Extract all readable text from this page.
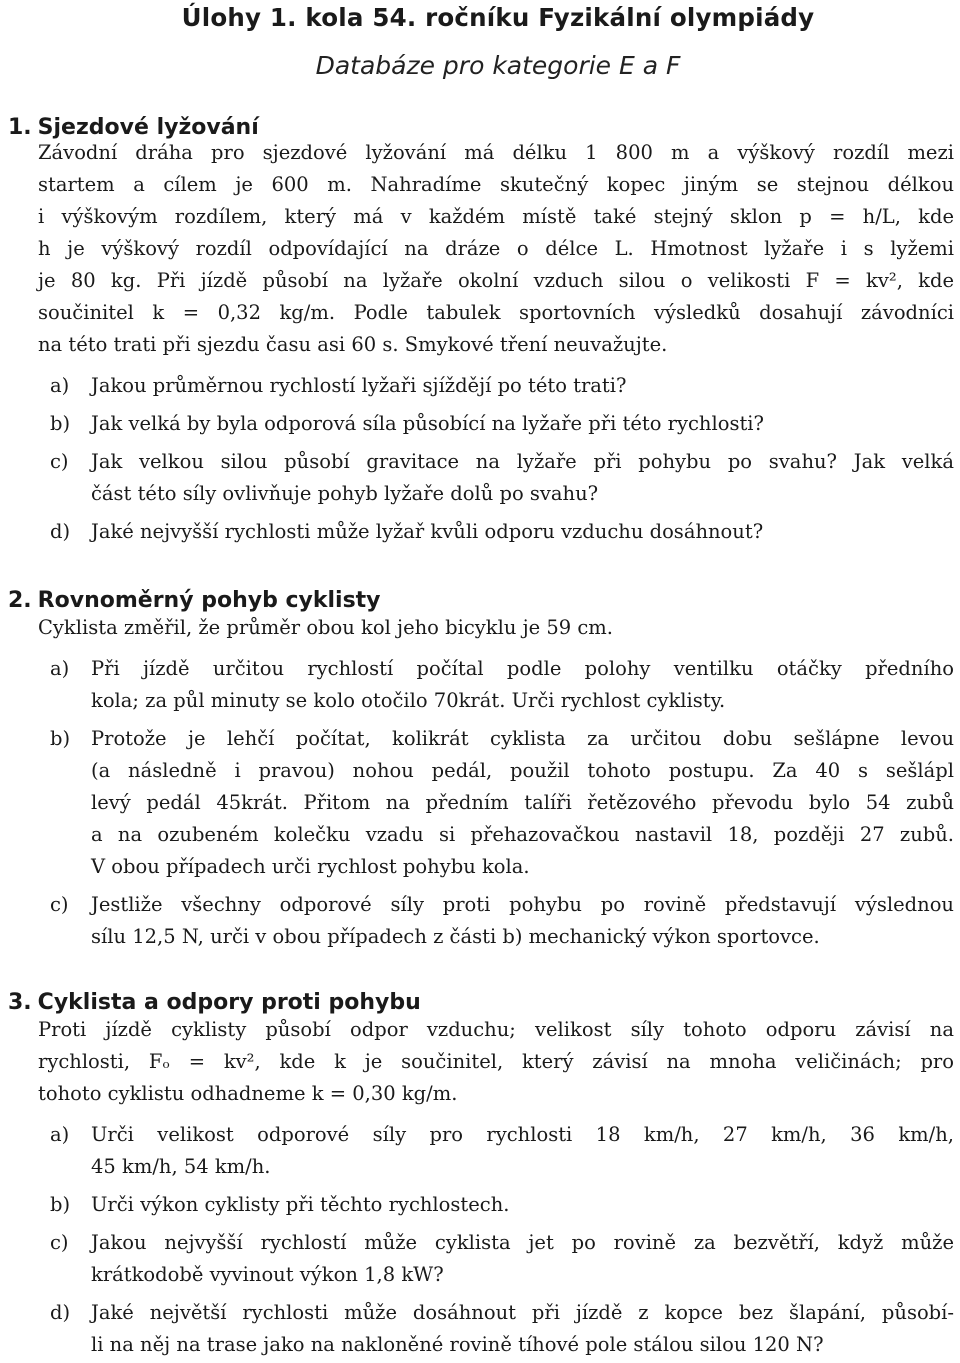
Úlohy 1. kola 54. ročníku Fyzikální olympiády
Databáze pro kategorie E a F
1. Sjezdové lyžování
Závodní dráha pro sjezdové lyžování má délku 1 800 m a výškový rozdíl mezi
startem a cílem je 600 m. Nahradíme skutečný kopec jiným se stejnou délkou
i výškovým rozdílem, který má v každém místě také stejný sklon p = h/L, kde
h je výškový rozdíl odpovídající na dráze o délce L. Hmotnost lyžaře i s lyžemi
je 80 kg. Při jízdě působí na lyžaře okolní vzduch silou o velikosti F = kv², kde
součinitel k = 0,32 kg/m. Podle tabulek sportovních výsledků dosahují závodníci
na této trati při sjezdu času asi 60 s. Smykové tření neuvažujte.
a) Jakou průměrnou rychlostí lyžaři sjíždějí po této trati?
b) Jak velká by byla odporová síla působící na lyžaře při této rychlosti?
c) Jak velkou silou působí gravitace na lyžaře při pohybu po svahu? Jak velká
část této síly ovlivňuje pohyb lyžaře dolů po svahu?
d) Jaké nejvyšší rychlosti může lyžař kvůli odporu vzduchu dosáhnout?
2. Rovnoměrný pohyb cyklisty
Cyklista změřil, že průměr obou kol jeho bicyklu je 59 cm.
a) Při jízdě určitou rychlostí počítal podle polohy ventilku otáčky předního
kola; za půl minuty se kolo otočilo 70krát. Urči rychlost cyklisty.
b) Protože je lehčí počítat, kolikrát cyklista za určitou dobu sešlápne levou
(a následně i pravou) nohou pedál, použil tohoto postupu. Za 40 s sešlápl
levý pedál 45krát. Přitom na předním talíři řetězového převodu bylo 54 zubů
a na ozubeném kolečku vzadu si přehazovačkou nastavil 18, později 27 zubů.
V obou případech urči rychlost pohybu kola.
c) Jestliže všechny odporové síly proti pohybu po rovině představují výslednou
sílu 12,5 N, urči v obou případech z části b) mechanický výkon sportovce.
3. Cyklista a odpory proti pohybu
Proti jízdě cyklisty působí odpor vzduchu; velikost síly tohoto odporu závisí na
rychlosti, Fₒ = kv², kde k je součinitel, který závisí na mnoha veličinách; pro
tohoto cyklistu odhadneme k = 0,30 kg/m.
a) Urči velikost odporové síly pro rychlosti 18 km/h, 27 km/h, 36 km/h,
45 km/h, 54 km/h.
b) Urči výkon cyklisty při těchto rychlostech.
c) Jakou nejvyšší rychlostí může cyklista jet po rovině za bezvětří, když může
krátkodobě vyvinout výkon 1,8 kW?
d) Jaké největší rychlosti může dosáhnout při jízdě z kopce bez šlapání, působí-
li na něj na trase jako na nakloněné rovině tíhové pole stálou silou 120 N?
